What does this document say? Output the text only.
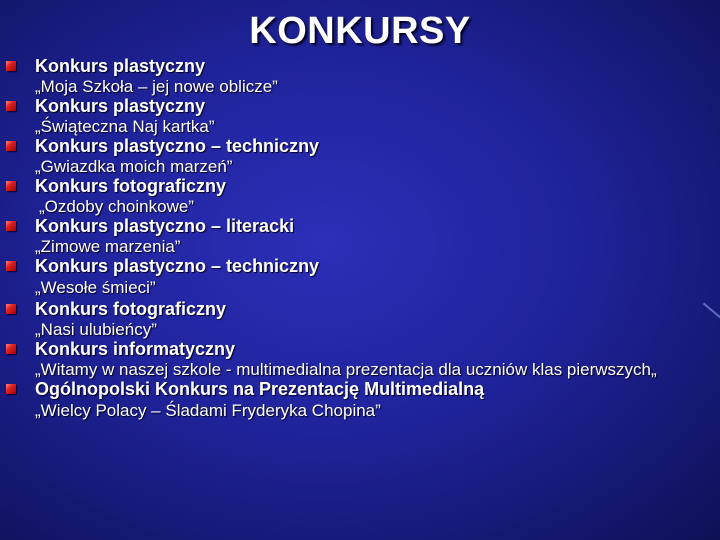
KONKURSY
Konkurs plastyczny
„Moja Szkoła – jej nowe oblicze”
Konkurs plastyczny
„Świąteczna Naj kartka”
Konkurs plastyczno – techniczny
„Gwiazdka moich marzeń”
Konkurs fotograficzny
„Ozdoby choinkowe”
Konkurs plastyczno – literacki
„Zimowe marzenia”
Konkurs plastyczno – techniczny
„Wesołe śmieci”
Konkurs fotograficzny
„Nasi ulubieńcy”
Konkurs informatyczny
„Witamy w naszej szkole - multimedialna prezentacja dla uczniów klas pierwszych„
Ogólnopolski Konkurs na Prezentację Multimedialną
„Wielcy Polacy – Śladami Fryderyka Chopina”
